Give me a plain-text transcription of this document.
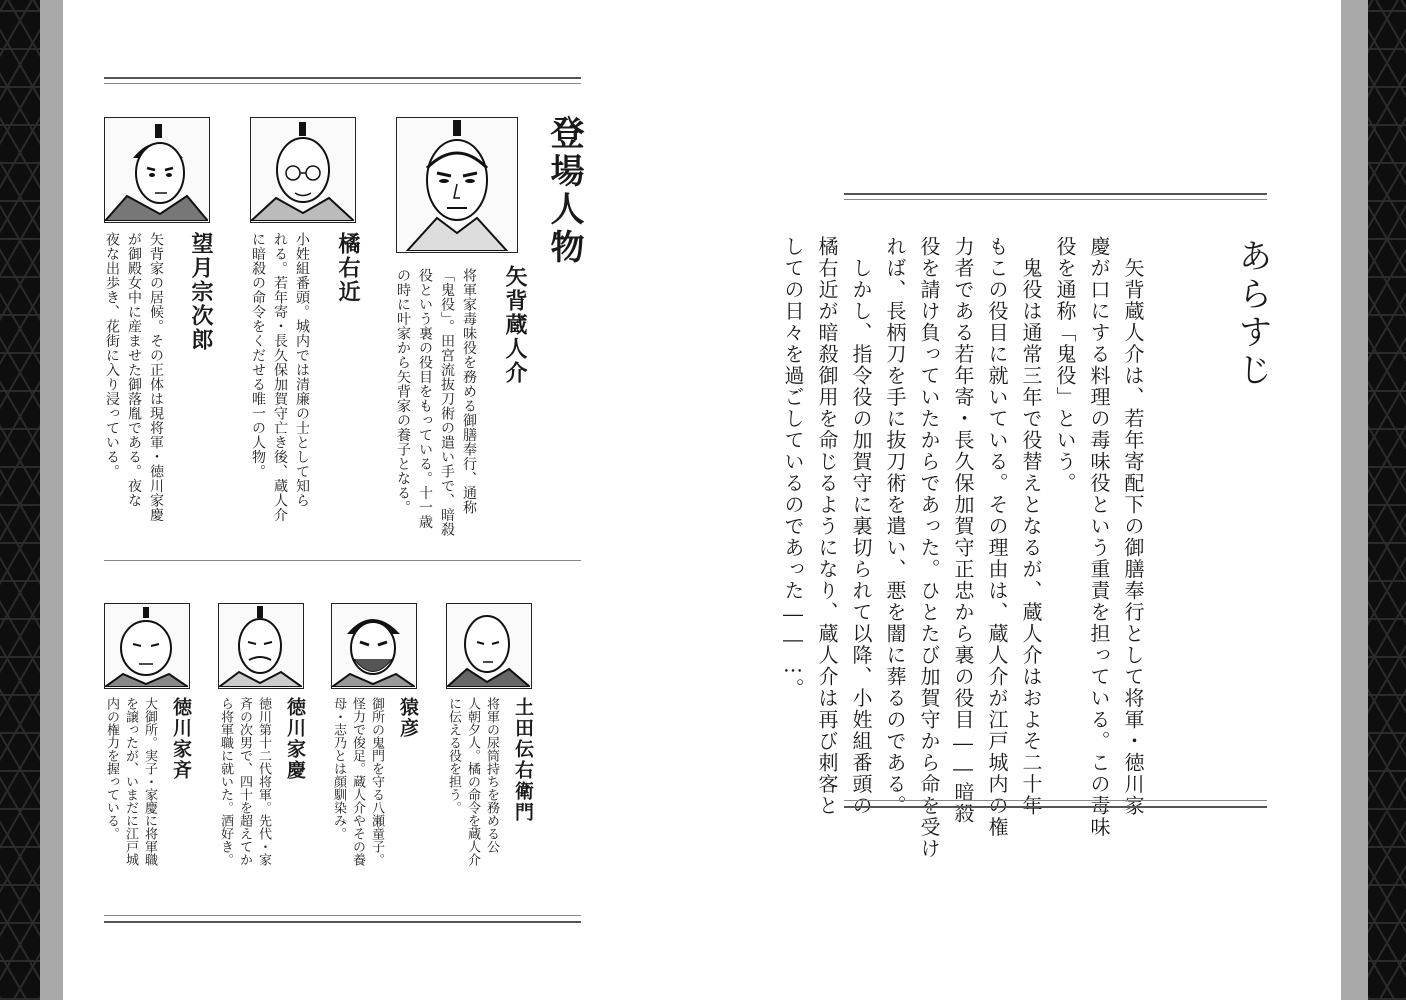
登場人物
矢背蔵人介
将軍家毒味役を務める御膳奉行、通称
「鬼役」。田宮流抜刀術の遣い手で、暗殺
役という裏の役目をもっている。十一歳
の時に叶家から矢背家の養子となる。
橘右近
小姓組番頭。城内では清廉の士として知ら
れる。若年寄・長久保加賀守亡き後、蔵人介
に暗殺の命令をくだせる唯一の人物。
望月宗次郎
矢背家の居候。その正体は現将軍・徳川家慶
が御殿女中に産ませた御落胤である。夜な
夜な出歩き、花街に入り浸っている。
土田伝右衛門
将軍の尿筒持ちを務める公
人朝夕人。橘の命令を蔵人介
に伝える役を担う。
猿彦
御所の鬼門を守る八瀬童子。
怪力で俊足。蔵人介やその養
母・志乃とは顔馴染み。
徳川家慶
徳川第十二代将軍。先代・家
斉の次男で、四十を超えてか
ら将軍職に就いた。酒好き。
徳川家斉
大御所。実子・家慶に将軍職
を譲ったが、いまだに江戸城
内の権力を握っている。
あらすじ

　矢背蔵人介は、若年寄配下の御膳奉行として将軍・徳川家
慶が口にする料理の毒味役という重責を担っている。この毒味
役を通称「鬼役」という。
　鬼役は通常三年で役替えとなるが、蔵人介はおよそ二十年
もこの役目に就いている。その理由は、蔵人介が江戸城内の権
力者である若年寄・長久保加賀守正忠から裏の役目――暗殺
役を請け負っていたからであった。ひとたび加賀守から命を受け
れば、長柄刀を手に抜刀術を遣い、悪を闇に葬るのである。
　しかし、指令役の加賀守に裏切られて以降、小姓組番頭の
橘右近が暗殺御用を命じるようになり、蔵人介は再び刺客と
しての日々を過ごしているのであった――…。
